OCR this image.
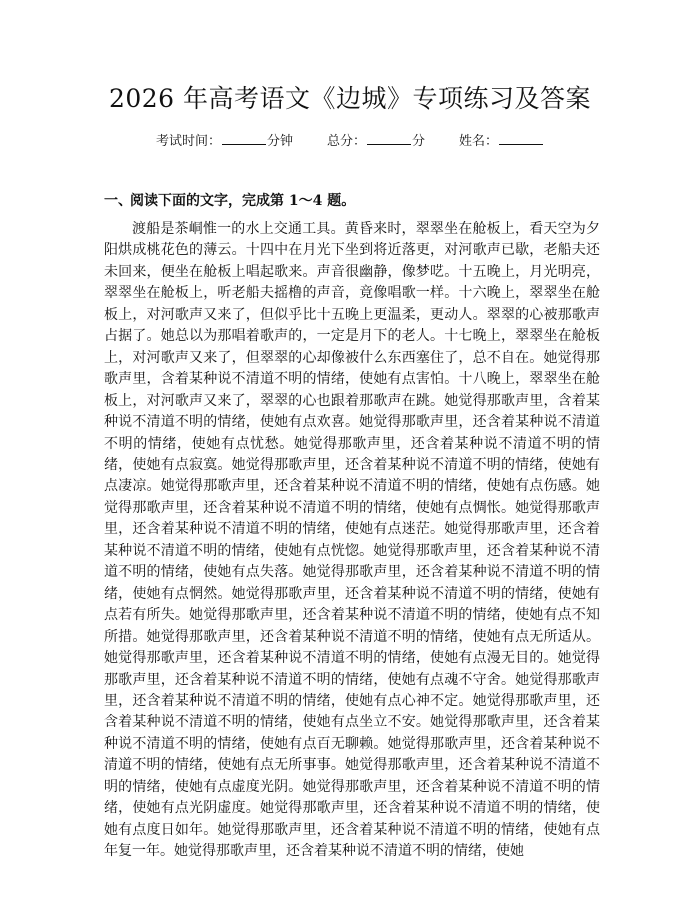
2026 年高考语文《边城》专项练习及答案
考试时间：	分钟	总分：	分	姓名：
一、阅读下面的文字，完成第 1～4 题。

渡船是茶峒惟一的水上交通工具。黄昏来时，翠翠坐在舱板上，看天空为夕阳烘成桃花色的薄云。十四中在月光下坐到将近落更，对河歌声已歇，老船夫还未回来，便坐在舱板上唱起歌来。声音很幽静，像梦呓。十五晚上，月光明亮，翠翠坐在舱板上，听老船夫摇橹的声音，竟像唱歌一样。十六晚上，翠翠坐在舱板上，对河歌声又来了，但似乎比十五晚上更温柔，更动人。翠翠的心被那歌声占据了。她总以为那唱着歌声的，一定是月下的老人。十七晚上，翠翠坐在舱板上，对河歌声又来了，但翠翠的心却像被什么东西塞住了，总不自在。她觉得那歌声里，含着某种说不清道不明的情绪，使她有点害怕。十八晚上，翠翠坐在舱板上，对河歌声又来了，翠翠的心也跟着那歌声在跳。她觉得那歌声里，含着某种说不清道不明的情绪，使她有点欢喜。她觉得那歌声里，还含着某种说不清道不明的情绪，使她有点忧愁。她觉得那歌声里，还含着某种说不清道不明的情绪，使她有点寂寞。她觉得那歌声里，还含着某种说不清道不明的情绪，使她有点凄凉。她觉得那歌声里，还含着某种说不清道不明的情绪，使她有点伤感。她觉得那歌声里，还含着某种说不清道不明的情绪，使她有点惆怅。她觉得那歌声里，还含着某种说不清道不明的情绪，使她有点迷茫。她觉得那歌声里，还含着某种说不清道不明的情绪，使她有点恍惚。她觉得那歌声里，还含着某种说不清道不明的情绪，使她有点失落。她觉得那歌声里，还含着某种说不清道不明的情绪，使她有点惘然。她觉得那歌声里，还含着某种说不清道不明的情绪，使她有点若有所失。她觉得那歌声里，还含着某种说不清道不明的情绪，使她有点不知所措。她觉得那歌声里，还含着某种说不清道不明的情绪，使她有点无所适从。她觉得那歌声里，还含着某种说不清道不明的情绪，使她有点漫无目的。她觉得那歌声里，还含着某种说不清道不明的情绪，使她有点魂不守舍。她觉得那歌声里，还含着某种说不清道不明的情绪，使她有点心神不定。她觉得那歌声里，还含着某种说不清道不明的情绪，使她有点坐立不安。她觉得那歌声里，还含着某种说不清道不明的情绪，使她有点百无聊赖。她觉得那歌声里，还含着某种说不清道不明的情绪，使她有点无所事事。她觉得那歌声里，还含着某种说不清道不明的情绪，使她有点虚度光阴。她觉得那歌声里，还含着某种说不清道不明的情绪，使她有点光阴虚度。她觉得那歌声里，还含着某种说不清道不明的情绪，使她有点度日如年。她觉得那歌声里，还含着某种说不清道不明的情绪，使她有点年复一年。她觉得那歌声里，还含着某种说不清道不明的情绪，使她
